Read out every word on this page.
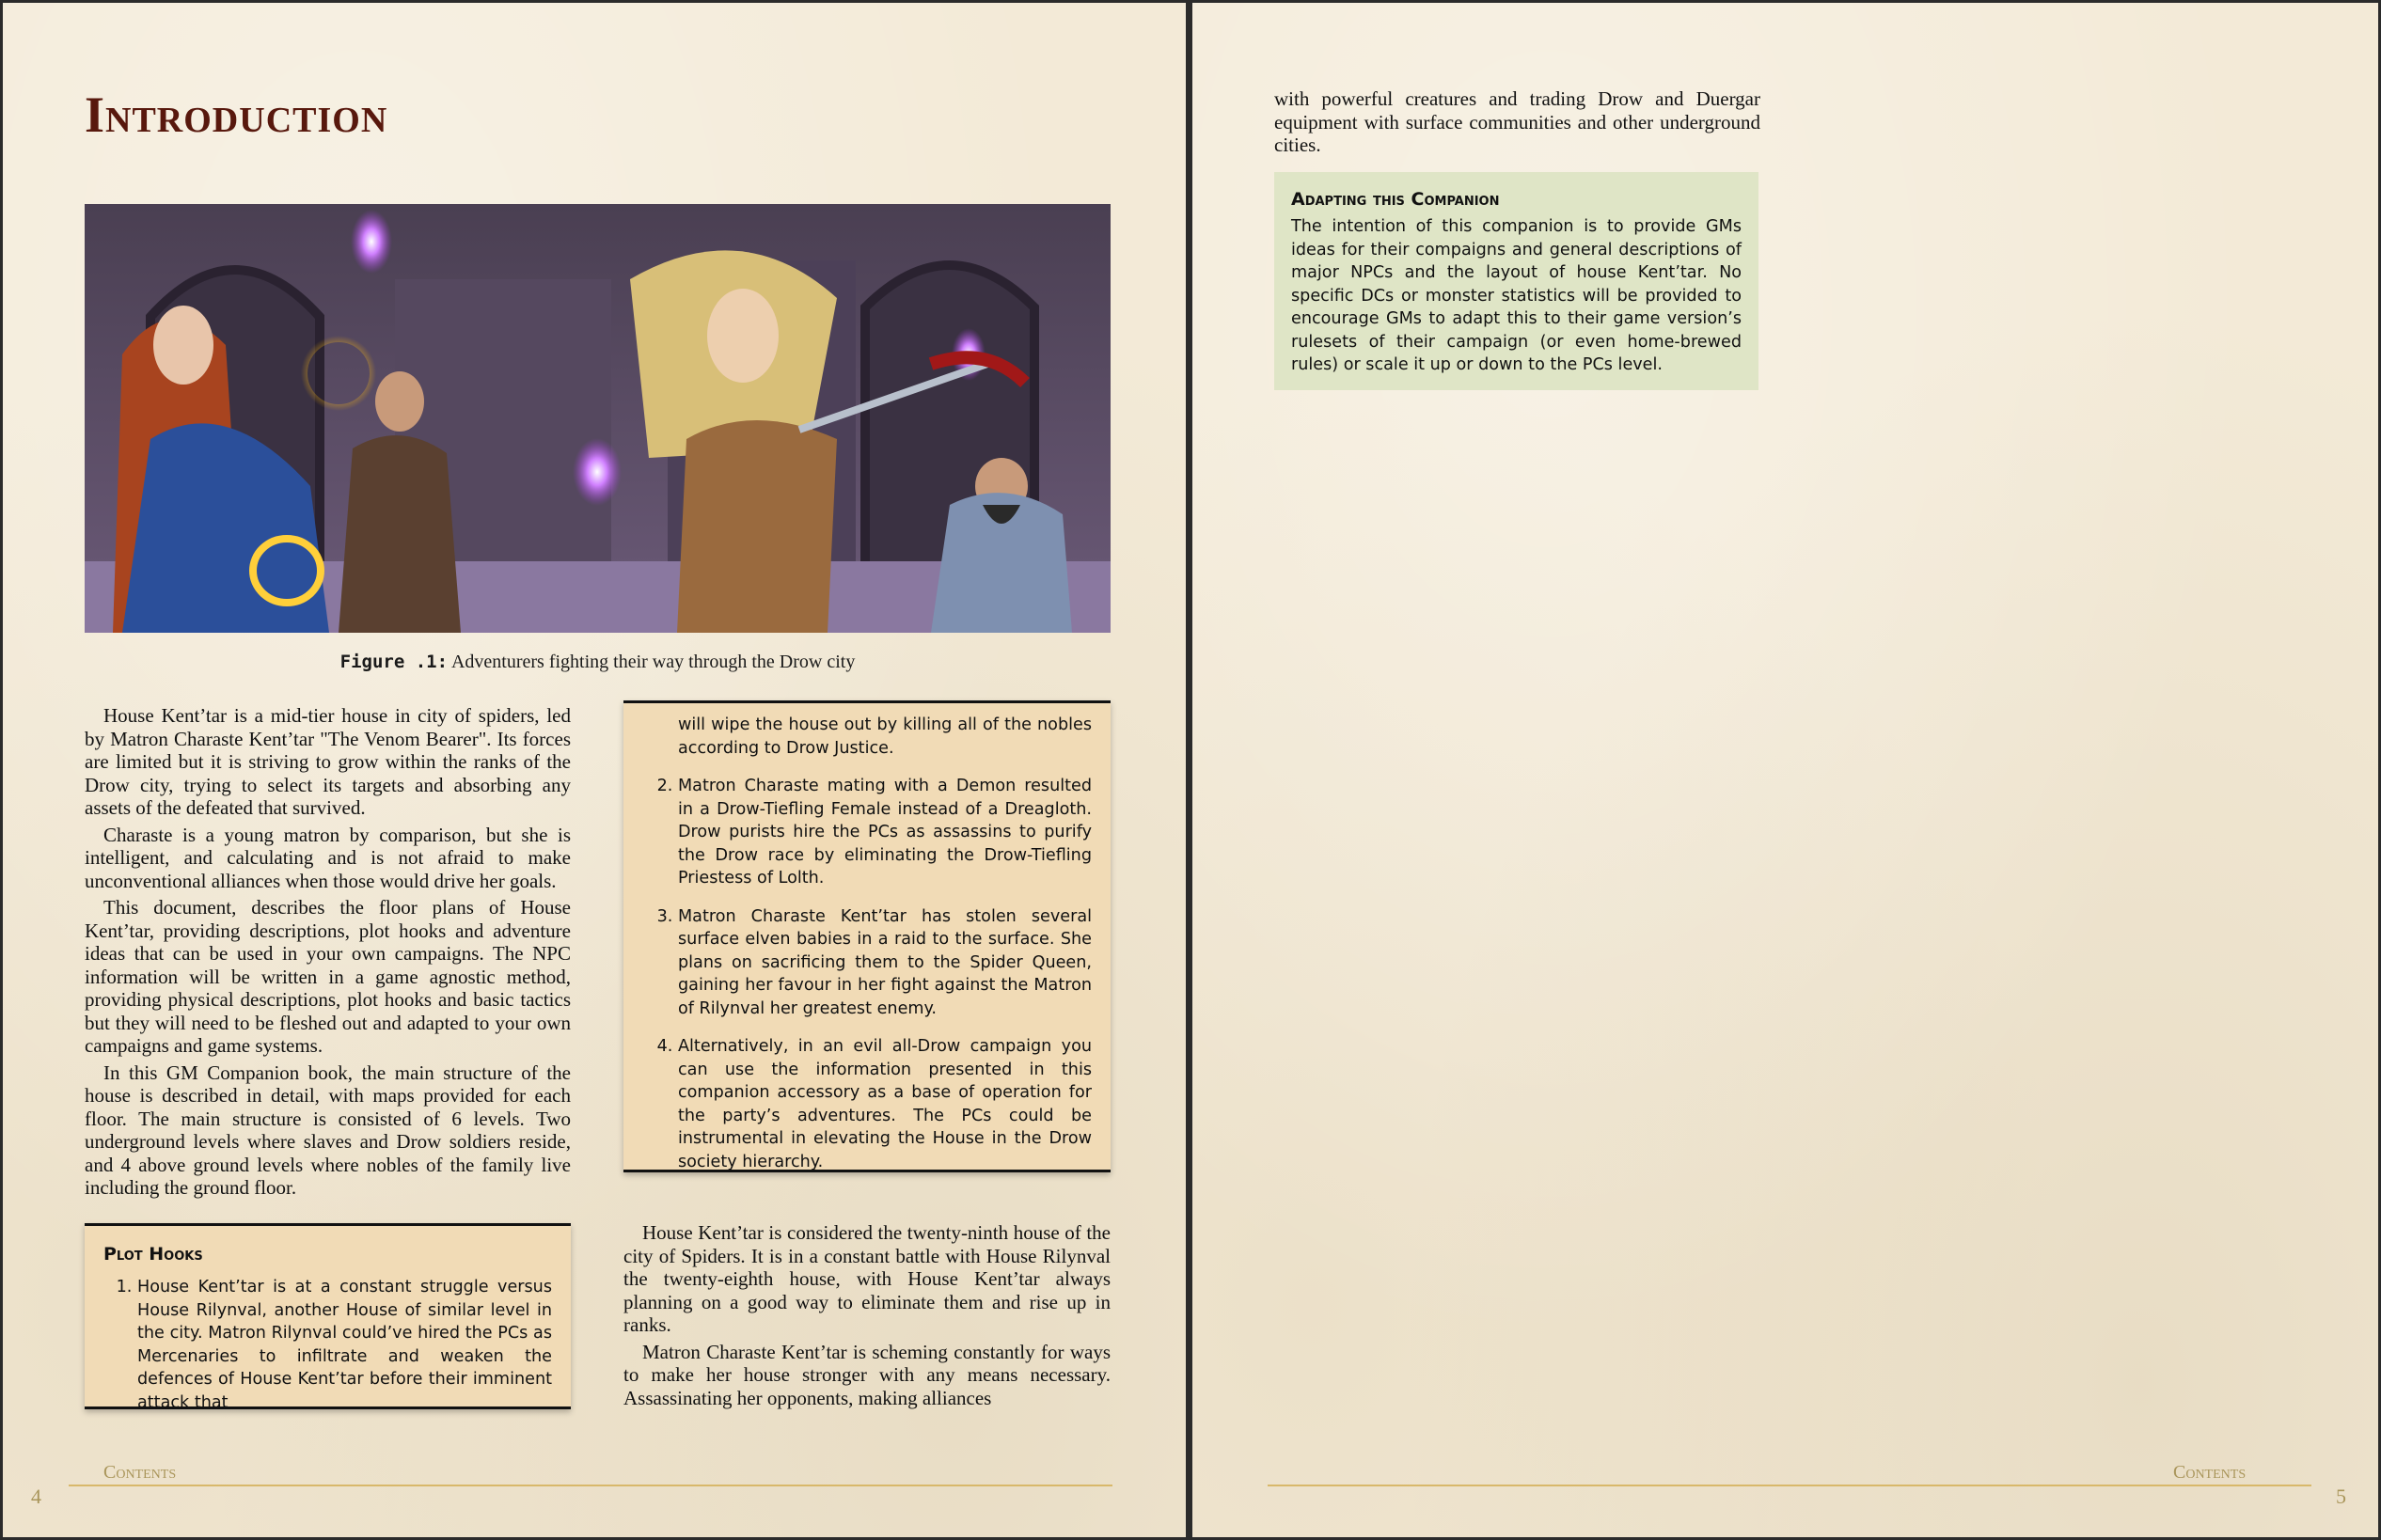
Introduction
Figure .1: Adventurers fighting their way through the Drow city

House Kent’tar is a mid-tier house in city of spiders, led by Matron Charaste Kent’tar "The Venom Bearer". Its forces are limited but it is striving to grow within the ranks of the Drow city, trying to select its targets and absorbing any assets of the defeated that survived.

Charaste is a young matron by comparison, but she is intelligent, and calculating and is not afraid to make unconventional alliances when those would drive her goals.

This document, describes the floor plans of House Kent’tar, providing descriptions, plot hooks and adventure ideas that can be used in your own campaigns. The NPC information will be written in a game agnostic method, providing physical descriptions, plot hooks and basic tactics but they will need to be fleshed out and adapted to your own campaigns and game systems.

In this GM Companion book, the main structure of the house is described in detail, with maps provided for each floor. The main structure is consisted of 6 levels. Two underground levels where slaves and Drow soldiers reside, and 4 above ground levels where nobles of the family live including the ground floor.

Plot Hooks
1. House Kent’tar is at a constant struggle versus House Rilynval, another House of similar level in the city. Matron Rilynval could’ve hired the PCs as Mercenaries to infiltrate and weaken the defences of House Kent’tar before their imminent attack that
will wipe the house out by killing all of the nobles according to Drow Justice.
2. Matron Charaste mating with a Demon resulted in a Drow-Tiefling Female instead of a Dreagloth. Drow purists hire the PCs as assassins to purify the Drow race by eliminating the Drow-Tiefling Priestess of Lolth.
3. Matron Charaste Kent’tar has stolen several surface elven babies in a raid to the surface. She plans on sacrificing them to the Spider Queen, gaining her favour in her fight against the Matron of Rilynval her greatest enemy.
4. Alternatively, in an evil all-Drow campaign you can use the information presented in this companion accessory as a base of operation for the party’s adventures. The PCs could be instrumental in elevating the House in the Drow society hierarchy.

House Kent’tar is considered the twenty-ninth house of the city of Spiders. It is in a constant battle with House Rilynval the twenty-eighth house, with House Kent’tar always planning on a good way to eliminate them and rise up in ranks.

Matron Charaste Kent’tar is scheming constantly for ways to make her house stronger with any means necessary. Assassinating her opponents, making alliances

Contents
4

with powerful creatures and trading Drow and Duergar equipment with surface communities and other underground cities.

Adapting this Companion
The intention of this companion is to provide GMs ideas for their compaigns and general descriptions of major NPCs and the layout of house Kent’tar. No specific DCs or monster statistics will be provided to encourage GMs to adapt this to their game version’s rulesets of their campaign (or even home-brewed rules) or scale it up or down to the PCs level.
Contents
5
